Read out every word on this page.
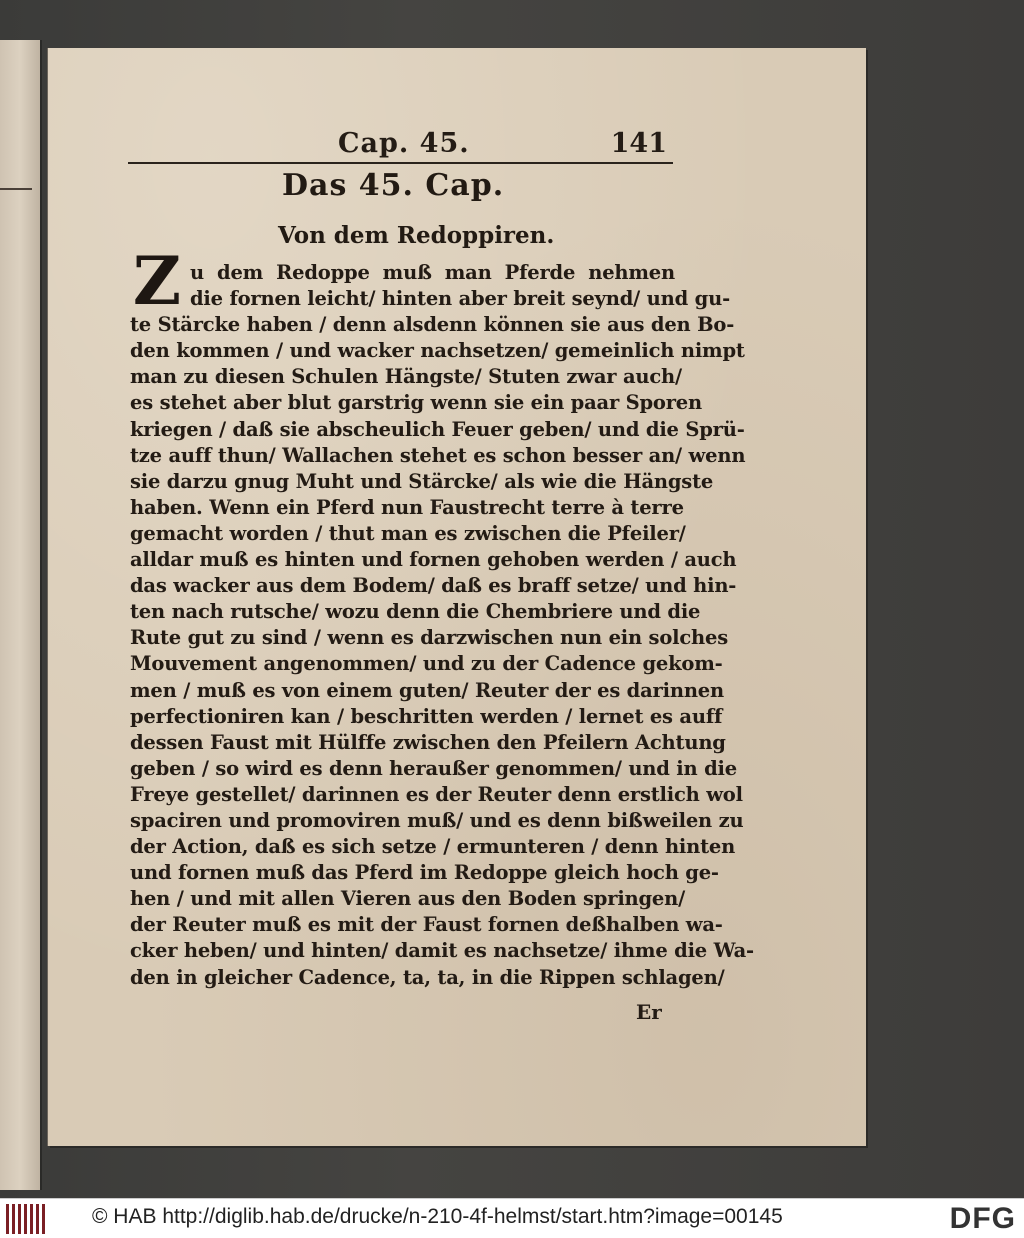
Cap. 45.	141
Das 45. Cap.
Von dem Redoppiren.
Z u dem Redoppe muß man Pferde nehmen
die fornen leicht/ hinten aber breit seynd/ und gu-
te Stärcke haben / denn alsdenn können sie aus den Bo-
den kommen / und wacker nachsetzen/ gemeinlich nimpt
man zu diesen Schulen Hängste/ Stuten zwar auch/
es stehet aber blut garstrig wenn sie ein paar Sporen
kriegen / daß sie abscheulich Feuer geben/ und die Sprü-
tze auff thun/ Wallachen stehet es schon besser an/ wenn
sie darzu gnug Muht und Stärcke/ als wie die Hängste
haben. Wenn ein Pferd nun Faustrecht terre à terre
gemacht worden / thut man es zwischen die Pfeiler/
alldar muß es hinten und fornen gehoben werden / auch
das wacker aus dem Bodem/ daß es braff setze/ und hin-
ten nach rutsche/ wozu denn die Chembriere und die
Rute gut zu sind / wenn es darzwischen nun ein solches
Mouvement angenommen/ und zu der Cadence gekom-
men / muß es von einem guten/ Reuter der es darinnen
perfectioniren kan / beschritten werden / lernet es auff
dessen Faust mit Hülffe zwischen den Pfeilern Achtung
geben / so wird es denn heraußer genommen/ und in die
Freye gestellet/ darinnen es der Reuter denn erstlich wol
spaciren und promoviren muß/ und es denn bißweilen zu
der Action, daß es sich setze / ermunteren / denn hinten
und fornen muß das Pferd im Redoppe gleich hoch ge-
hen / und mit allen Vieren aus den Boden springen/
der Reuter muß es mit der Faust fornen deßhalben wa-
cker heben/ und hinten/ damit es nachsetze/ ihme die Wa-
den in gleicher Cadence, ta, ta, in die Rippen schlagen/
Er
© HAB http://diglib.hab.de/drucke/n-210-4f-helmst/start.htm?image=00145	DFG
